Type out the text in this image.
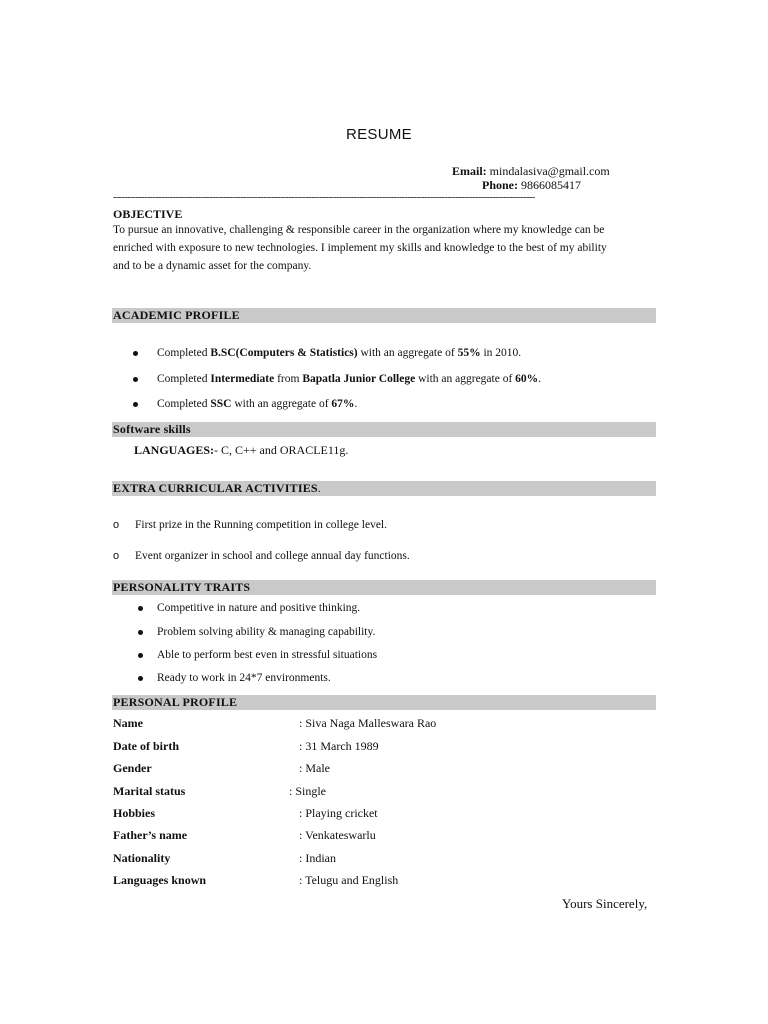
RESUME
Email: mindalasiva@gmail.com
Phone: 9866085417
-----------------------------------------------------------------------------------------------------------------------------------------------------
OBJECTIVE
To pursue an innovative, challenging & responsible career in the organization where my knowledge can be
enriched with exposure to new technologies. I implement my skills and knowledge to the best of my ability
and to be a dynamic asset for the company.
ACADEMIC PROFILE
Completed B.SC(Computers & Statistics) with an aggregate of 55% in 2010.
Completed Intermediate from Bapatla Junior College with an aggregate of 60%.
Completed SSC with an aggregate of 67%.
Software skills
LANGUAGES:- C, C++ and ORACLE11g.
EXTRA CURRICULAR ACTIVITIES.
o First prize in the Running competition in college level.
o Event organizer in school and college annual day functions.
PERSONALITY TRAITS
Competitive in nature and positive thinking.
Problem solving ability & managing capability.
Able to perform best even in stressful situations
Ready to work in 24*7 environments.
PERSONAL PROFILE
Name	: Siva Naga Malleswara Rao
Date of birth	: 31 March 1989
Gender	: Male
Marital status	: Single
Hobbies	: Playing cricket
Father’s name	: Venkateswarlu
Nationality	: Indian
Languages known	: Telugu and English
Yours Sincerely,
